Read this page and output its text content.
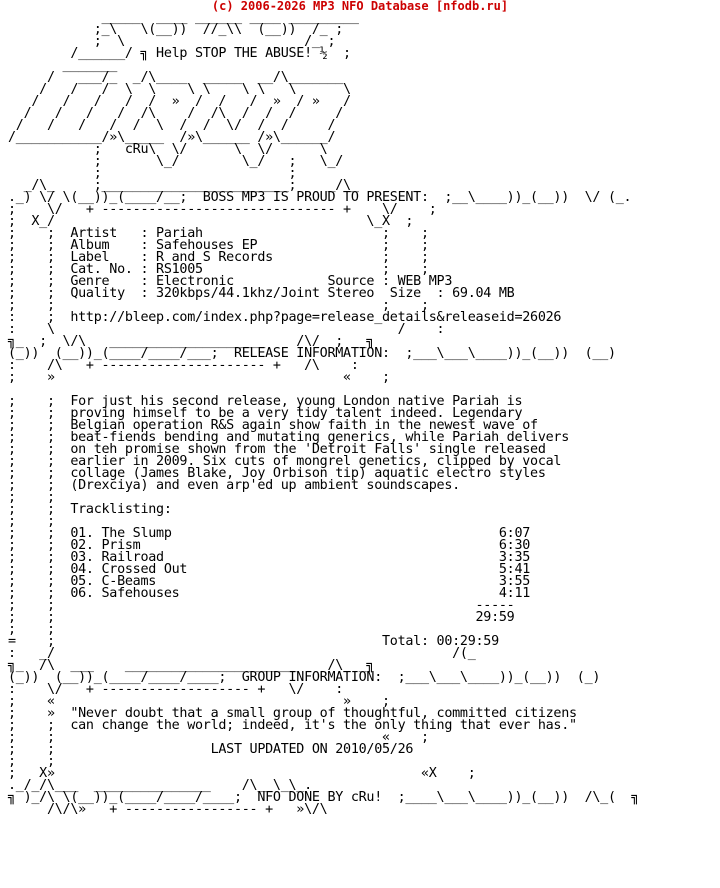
(c) 2006-2026 MP3 NFO Database [nfodb.ru]
_____  ____ ______ ____ _________
;_\   \(__))  //_\\  (__))  /_ ;
;  \                       /_ ;
/______/ ╗ Help STOP THE ABUSE! ½  ;
_______
/   ___/_  _/\____  _____  __/\_______
/   /   /  \  \    \ \    \ \   \      \
/   /   /   /  /  »  /  /   /  »  / »   /
/   /   /   /  /\    /  /\  /  /  /     /
/   /   /   /  /  \  /  /  \/  /  /     /
/___________/»\_____  /»\______ /»\______/
;   cRu\  \/      \  \/      \
;       \_/        \_/   ;   \_/
;                        ;
_/\_     ;________________________;    _/\_
._) \/ \(__))_(____/__;  BOSS MP3 IS PROUD TO PRESENT:  ;__\____))_(__))  \/ (_.
;    \/   + ------------------------------ +    \/    ;
;  X_/                                        \_X  ;
;    ;  Artist   : Pariah                       ;    ;
;    ;  Album    : Safehouses EP                ;    ;
;    ;  Label    : R and S Records              ;    ;
;    ;  Cat. No. : RS1005                       ;    ;
;    ;  Genre    : Electronic            Source : WEB MP3
;    ;  Quality  : 320kbps/44.1khz/Joint Stereo  Size  : 69.04 MB
;    ;                                          ;    ;
:    ;  http://bleep.com/index.php?page=release_details&releaseid=26026
:    \                                            /    :
╗_  ;  \/\   ____________________    /\/  ;  _╗
(_))  (__))_(____/____/___;  RELEASE INFORMATION:  ;___\___\____))_(__))  (__)
:    /\   + --------------------- +   /\    :
;    »                                     «    ;

;    ;  For just his second release, young London native Pariah is
;    ;  proving himself to be a very tidy talent indeed. Legendary
;    ;  Belgian operation R&S again show faith in the newest wave of
;    ;  beat-fiends bending and mutating generics, while Pariah delivers
;    ;  on teh promise shown from the 'Detroit Falls' single released
;    ;  earlier in 2009. Six cuts of mongrel genetics, clipped by vocal
;    ;  collage (James Blake, Joy Orbison tip) aquatic electro styles
;    ;  (Drexciya) and even arp'ed up ambient soundscapes.
;    ;
;    ;  Tracklisting:
;    ;
;    ;  01. The Slump                                          6:07
;    ;  02. Prism                                              6:30
;    ;  03. Railroad                                           3:35
;    ;  04. Crossed Out                                        5:41
;    ;  05. C-Beams                                            3:55
;    ;  06. Safehouses                                         4:11
;    ;                                                      -----
;    ;                                                      29:59
;    ;
=    ;                                          Total: 00:29:59
:   _/                                                   /(_
╗_  /\  ___    ______________________    /\  _╗
(_))  (__))_(____/____/____;  GROUP INFORMATION:  ;___\___\____))_(__))  (_)
:    \/   + ------------------- +   \/    :
;    «                                     »    ;
;    »  "Never doubt that a small group of thoughtful, committed citizens
;    ;  can change the world; indeed, it's the only thing that ever has."
;    ;                                          «    ;
;    ;                    LAST UPDATED ON 2010/05/26
;    ;
;   X»                                               «X    ;
._/_/\___  _______________    /\__\_\_.
╗ )_/\ \(__))_(____/____/____;  NFO DONE BY cRu!  ;____\___\____))_(__))  /\_(  ╗
/\/\»   + ----------------- +   »\/\
